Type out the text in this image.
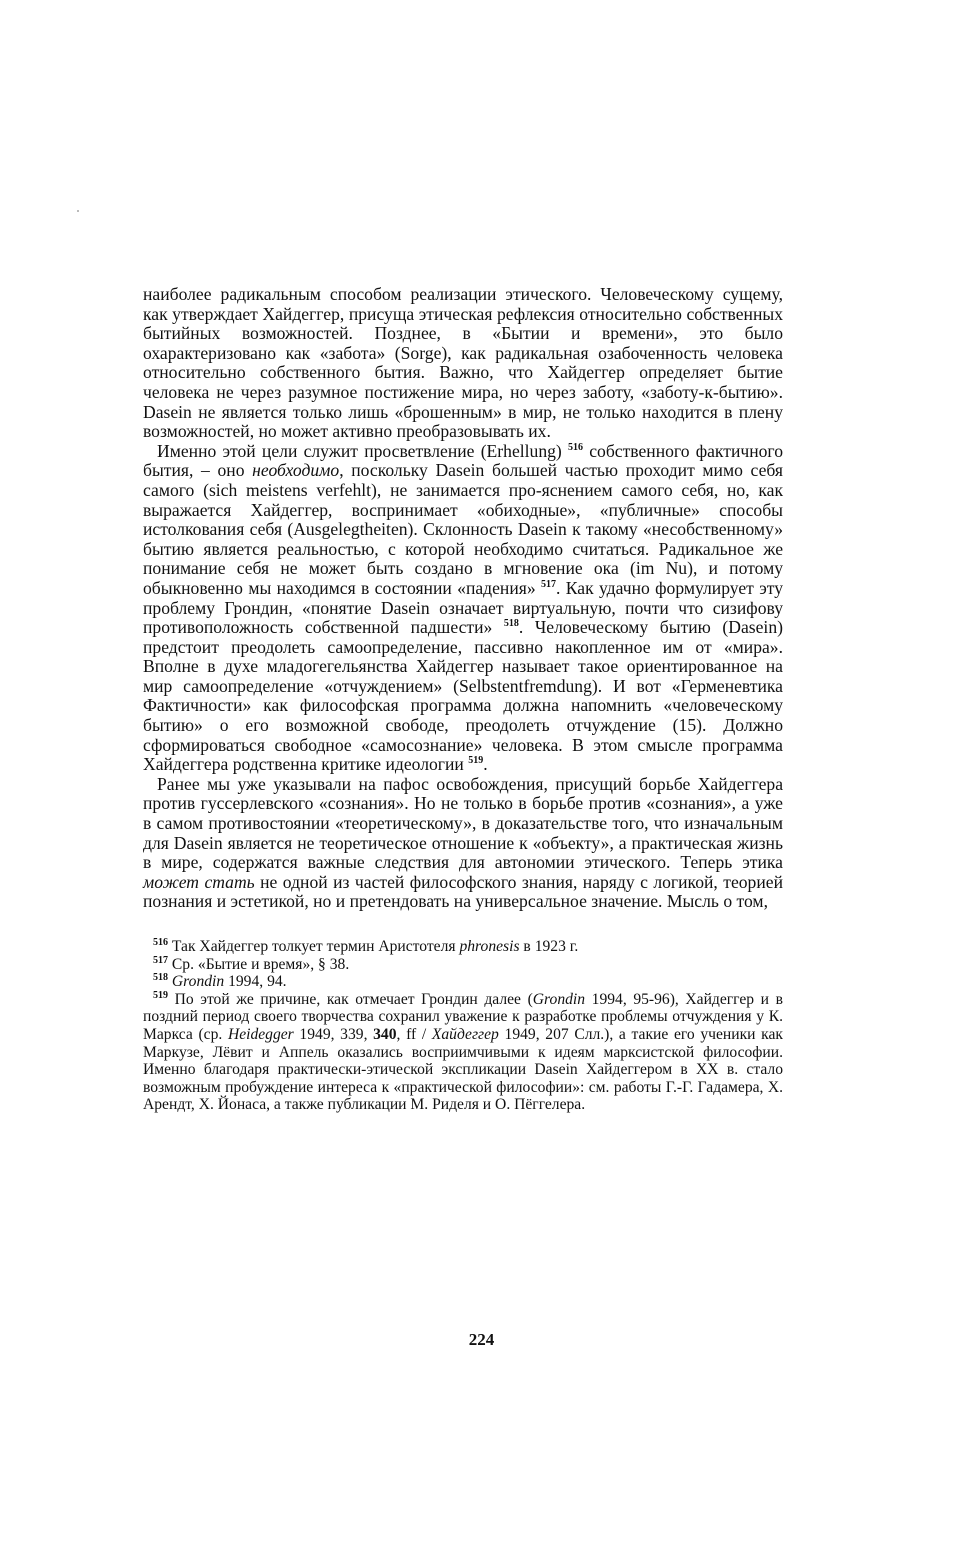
наиболее радикальным способом реализации этического. Человеческому сущему, как утверждает Хайдеггер, присуща этическая рефлексия относительно собственных бытийных возможностей. Позднее, в «Бытии и времени», это было охарактеризовано как «забота» (Sorge), как радикальная озабоченность человека относительно собственного бытия. Важно, что Хайдеггер определяет бытие человека не через разумное постижение мира, но через заботу, «заботу-к-бытию». Dasein не является только лишь «брошенным» в мир, не только находится в плену возможностей, но может активно преобразовывать их.

Именно этой цели служит просветвление (Erhellung) $^{516}$ собственного фактичного бытия, – оно необходимо, поскольку Dasein большей частью проходит мимо себя самого (sich meistens verfehlt), не занимается про-яснением самого себя, но, как выражается Хайдеггер, воспринимает «обиходные», «публичные» способы истолкования себя (Ausgelegtheiten). Склонность Dasein к такому «несобственному» бытию является реальностью, с которой необходимо считаться. Радикальное же понимание себя не может быть создано в мгновение ока (im Nu), и потому обыкновенно мы находимся в состоянии «падения» $^{517}$. Как удачно формулирует эту проблему Грондин, «понятие Dasein означает виртуальную, почти что сизифову противоположность собственной падшести» $^{518}$. Человеческому бытию (Dasein) предстоит преодолеть самоопределение, пассивно накопленное им от «мира». Вполне в духе младогегельянства Хайдеггер называет такое ориентированное на мир самоопределение «отчуждением» (Selbstentfremdung). И вот «Герменевтика Фактичности» как философская программа должна напомнить «человеческому бытию» о его возможной свободе, преодолеть отчуждение (15). Должно сформироваться свободное «самосознание» человека. В этом смысле программа Хайдеггера родственна критике идеологии $^{519}$.

Ранее мы уже указывали на пафос освобождения, присущий борьбе Хайдеггера против гуссерлевского «сознания». Но не только в борьбе против «сознания», а уже в самом противостоянии «теоретическому», в доказательстве того, что изначальным для Dasein является не теоретическое отношение к «объекту», а практическая жизнь в мире, содержатся важные следствия для автономии этического. Теперь этика может стать не одной из частей философского знания, наряду с логикой, теорией познания и эстетикой, но и претендовать на универсальное значение. Мысль о том,

$^{516}$ Так Хайдеггер толкует термин Аристотеля phronesis в 1923 г.

$^{517}$ Ср. «Бытие и время», § 38.

$^{518}$ Grondin 1994, 94.

$^{519}$ По этой же причине, как отмечает Грондин далее (Grondin 1994, 95-96), Хайдеггер и в поздний период своего творчества сохранил уважение к разработке проблемы отчуждения у К. Маркса (ср. Heidegger 1949, 339, 340, ff / Хайдеггер 1949, 207 Слл.), а такие его ученики как Маркузе, Лёвит и Аппель оказались восприимчивыми к идеям марксистской философии. Именно благодаря практически-этической экспликации Dasein Хайдеггером в XX в. стало возможным пробуждение интереса к «практической философии»: см. работы Г.-Г. Гадамера, Х. Арендт, Х. Йонаса, а также публикации М. Риделя и О. Пёггелера.

224
